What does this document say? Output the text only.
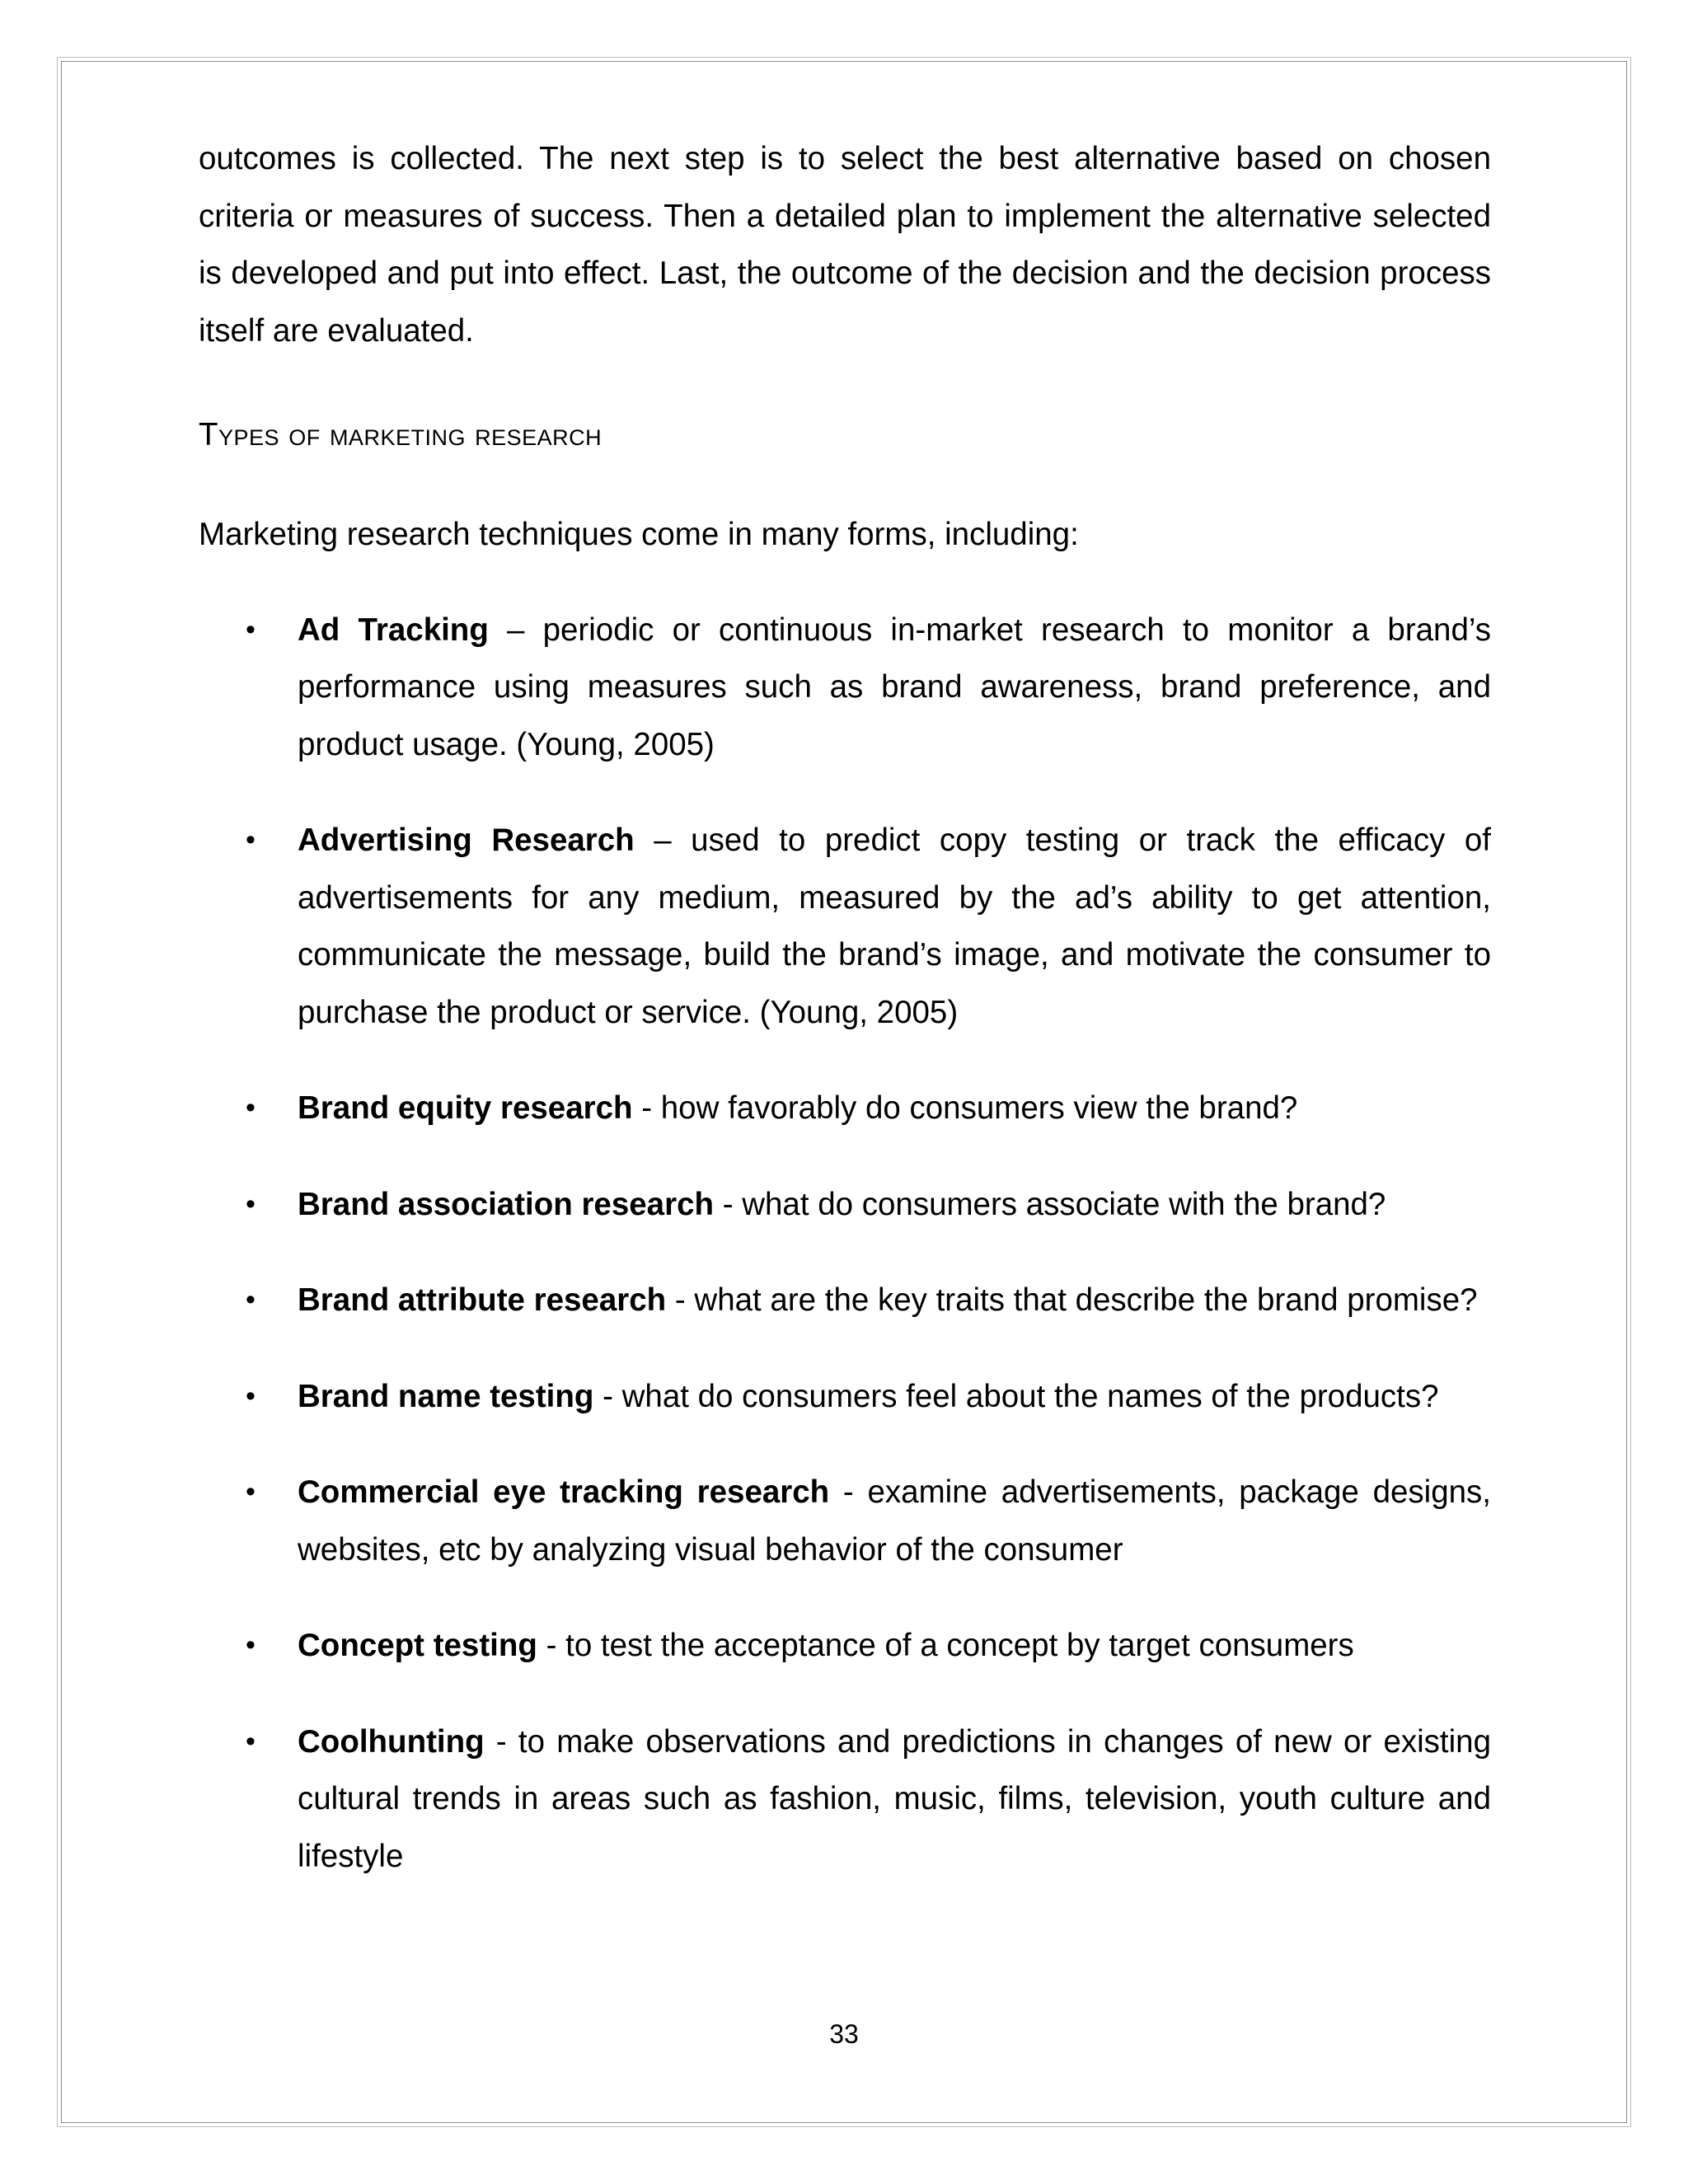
outcomes is collected. The next step is to select the best alternative based on chosen criteria or measures of success. Then a detailed plan to implement the alternative selected is developed and put into effect. Last, the outcome of the decision and the decision process itself are evaluated.

Types of marketing research

Marketing research techniques come in many forms, including:

• Ad Tracking – periodic or continuous in-market research to monitor a brand’s performance using measures such as brand awareness, brand preference, and product usage. (Young, 2005)
• Advertising Research – used to predict copy testing or track the efficacy of advertisements for any medium, measured by the ad’s ability to get attention, communicate the message, build the brand’s image, and motivate the consumer to purchase the product or service. (Young, 2005)
• Brand equity research - how favorably do consumers view the brand?
• Brand association research - what do consumers associate with the brand?
• Brand attribute research - what are the key traits that describe the brand promise?
• Brand name testing - what do consumers feel about the names of the products?
• Commercial eye tracking research - examine advertisements, package designs, websites, etc by analyzing visual behavior of the consumer
• Concept testing - to test the acceptance of a concept by target consumers
• Coolhunting - to make observations and predictions in changes of new or existing cultural trends in areas such as fashion, music, films, television, youth culture and lifestyle
33
